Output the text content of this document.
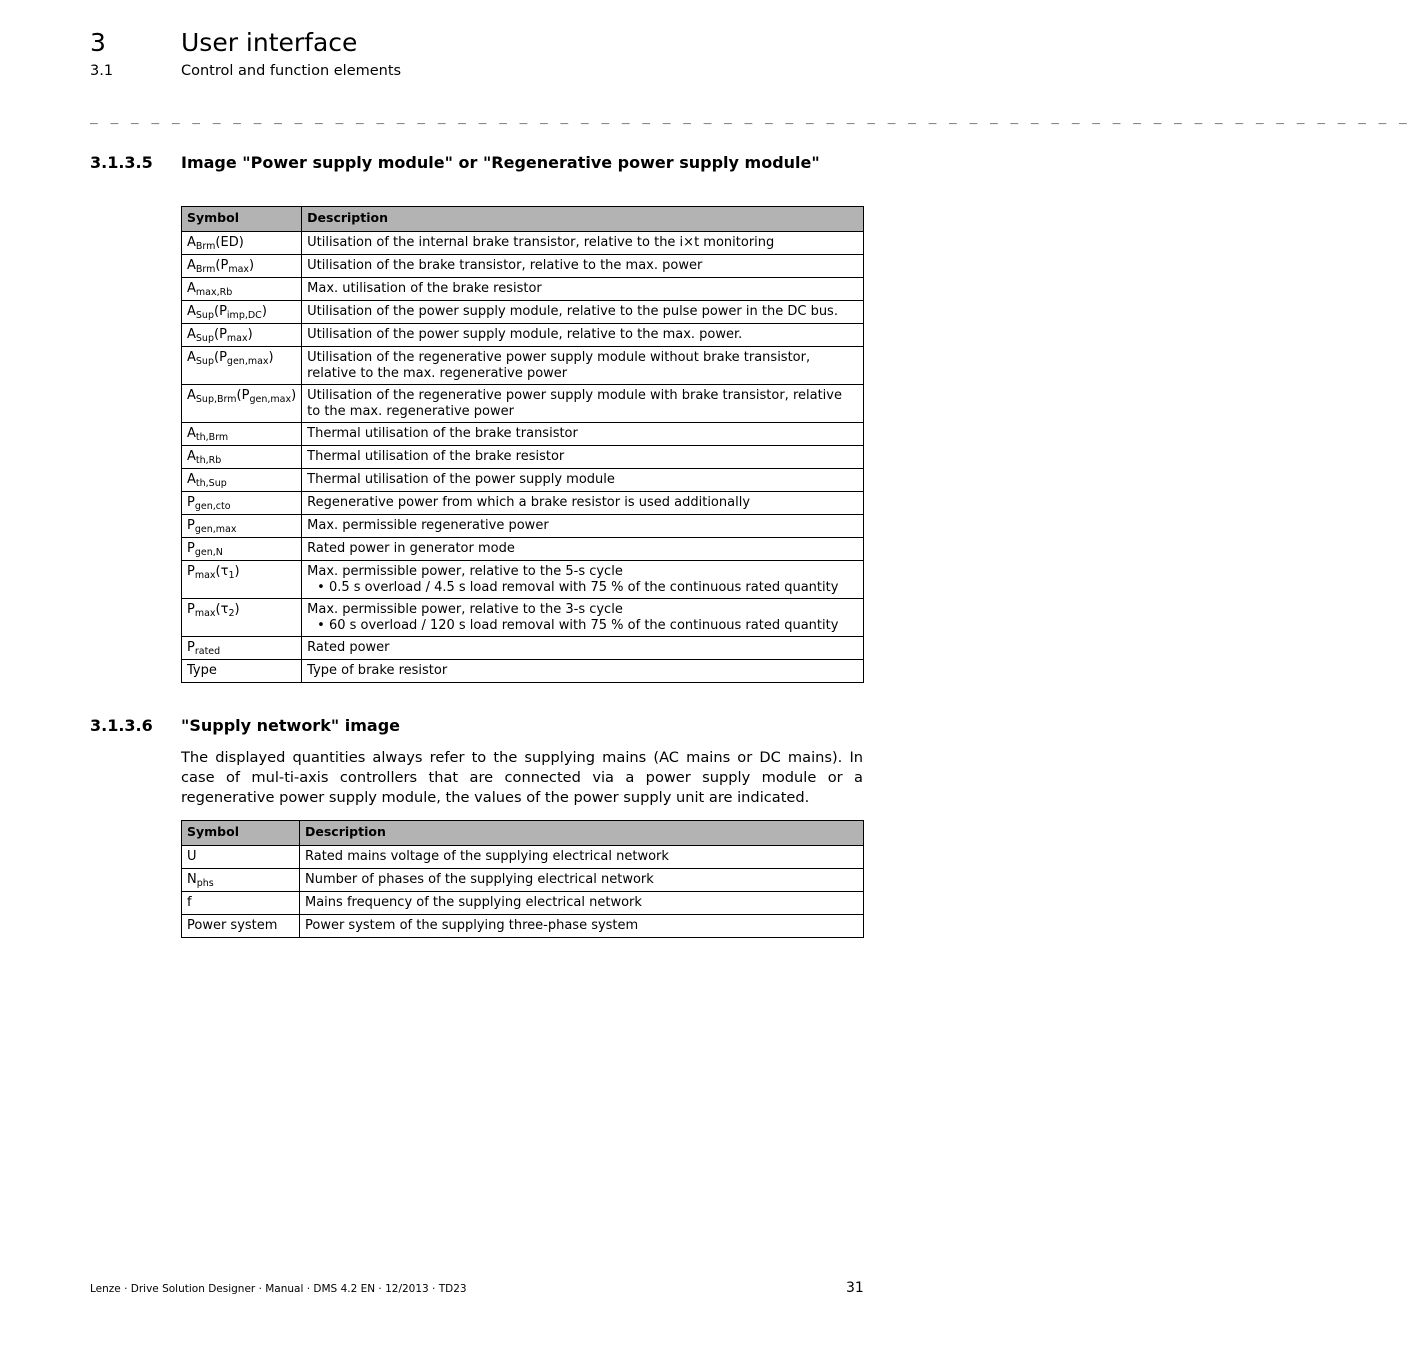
3	User interface
3.1	Control and function elements
_ _ _ _ _ _ _ _ _ _ _ _ _ _ _ _ _ _ _ _ _ _ _ _ _ _ _ _ _ _ _ _ _ _ _ _ _ _ _ _ _ _ _ _ _ _ _ _ _ _ _ _ _ _ _ _ _ _ _ _ _ _ _ _ _
3.1.3.5 Image "Power supply module" or "Regenerative power supply module"
Symbol	Description
$A_{Brm}(ED)$	Utilisation of the internal brake transistor, relative to the i×t monitoring

$A_{Brm}(P_{max})$	Utilisation of the brake transistor, relative to the max. power

$A_{max,Rb}$	Max. utilisation of the brake resistor

$A_{Sup}(P_{imp,DC})$	Utilisation of the power supply module, relative to the pulse power in the DC bus.

$A_{Sup}(P_{max})$	Utilisation of the power supply module, relative to the max. power.

$A_{Sup}(P_{gen,max})$	Utilisation of the regenerative power supply module without brake transistor, relative to the max. regenerative power

$A_{Sup,Brm}(P_{gen,max})$	Utilisation of the regenerative power supply module with brake transistor, relative to the max. regenerative power

$A_{th,Brm}$	Thermal utilisation of the brake transistor

$A_{th,Rb}$	Thermal utilisation of the brake resistor

$A_{th,Sup}$	Thermal utilisation of the power supply module

$P_{gen,cto}$	Regenerative power from which a brake resistor is used additionally

$P_{gen,max}$	Max. permissible regenerative power

$P_{gen,N}$	Rated power in generator mode

$P_{max}(\tau_1)$	Max. permissible power, relative to the 5-s cycle
• 0.5 s overload / 4.5 s load removal with 75 % of the continuous rated quantity

$P_{max}(\tau_2)$	Max. permissible power, relative to the 3-s cycle
• 60 s overload / 120 s load removal with 75 % of the continuous rated quantity

$P_{rated}$	Rated power

Type	Type of brake resistor
3.1.3.6 "Supply network" image
The displayed quantities always refer to the supplying mains (AC mains or DC mains). In case of mul-ti-axis controllers that are connected via a power supply module or a regenerative power supply module, the values of the power supply unit are indicated.
Symbol	Description
U	Rated mains voltage of the supplying electrical network

$N_{phs}$	Number of phases of the supplying electrical network

f	Mains frequency of the supplying electrical network

Power system	Power system of the supplying three-phase system
Lenze · Drive Solution Designer · Manual · DMS 4.2 EN · 12/2013 · TD23	31
